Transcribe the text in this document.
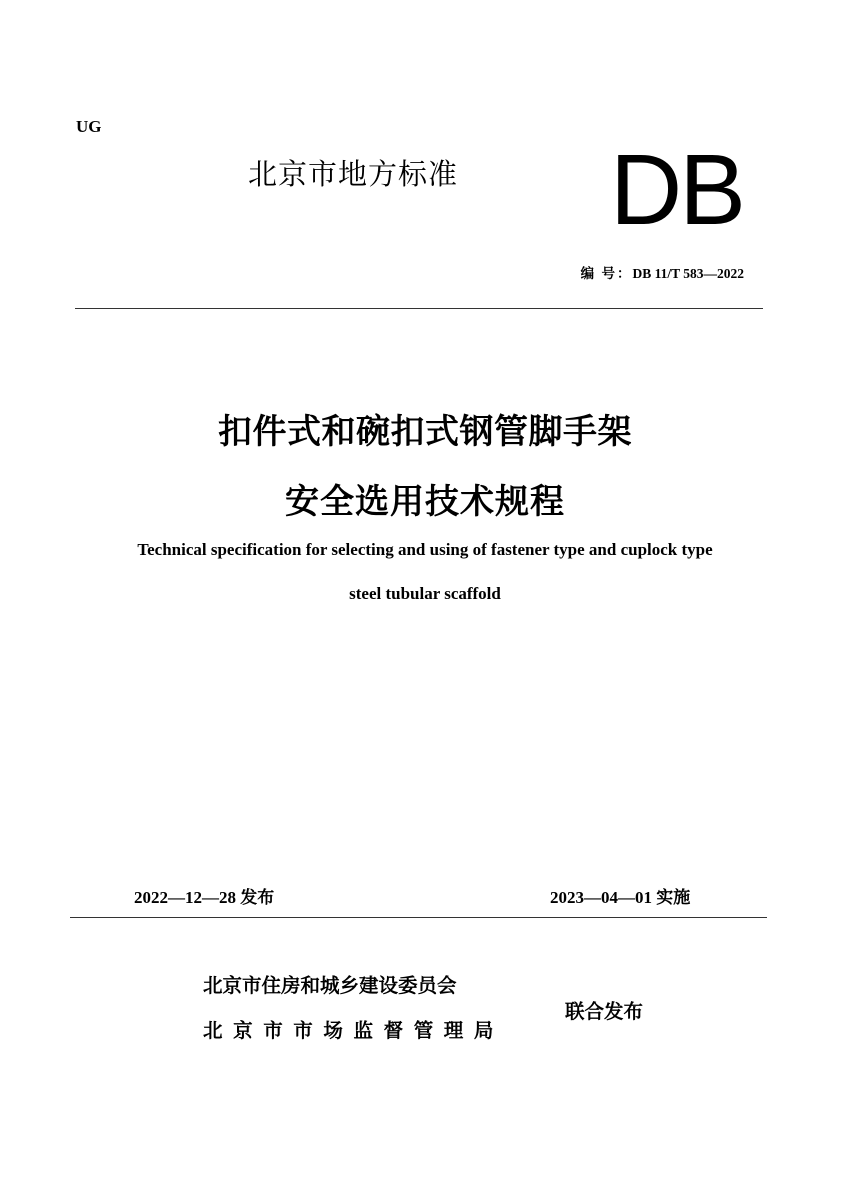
UG
北京市地方标准 DB
编 号：DB 11/T 583—2022
扣件式和碗扣式钢管脚手架
安全选用技术规程
Technical specification for selecting and using of fastener type and cuplock type
steel tubular scaffold
2022—12—28 发布	2023—04—01 实施
北京市住房和城乡建设委员会
北京市市场监督管理局
联合发布
